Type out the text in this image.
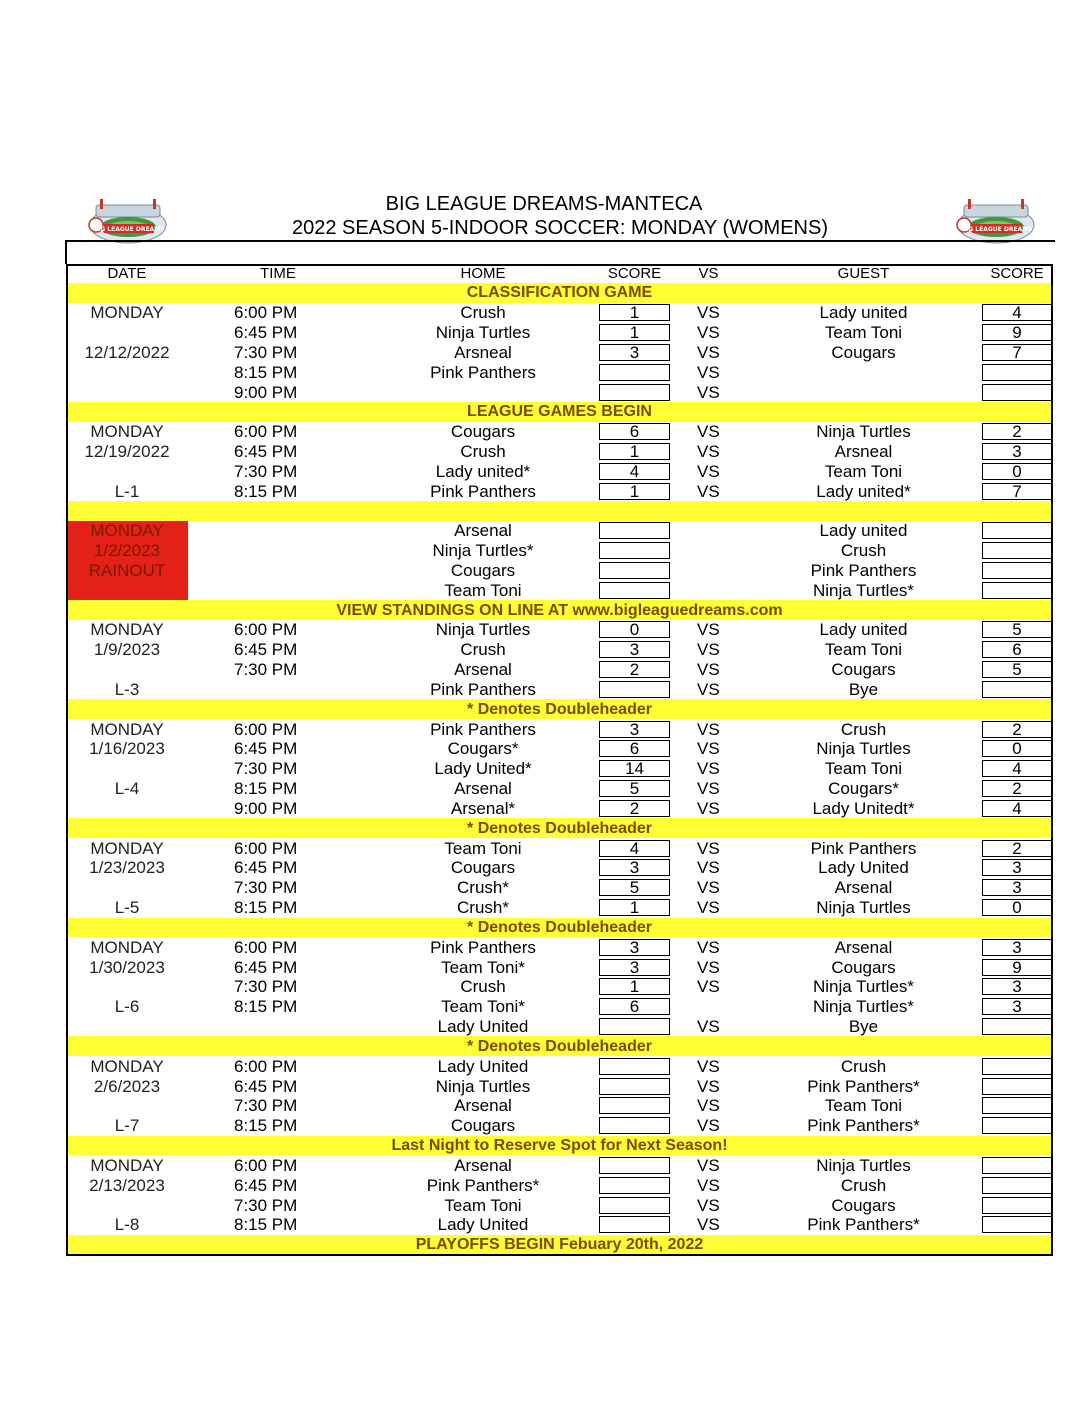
BIG LEAGUE DREAMS-MANTECA
2022 SEASON 5-INDOOR SOCCER: MONDAY (WOMENS)
BIG LEAGUE DREAMS	BIG LEAGUE DREAMS
DATE	TIME	HOME	SCORE	VS	GUEST	SCORE
CLASSIFICATION GAME						
MONDAY	6:00 PM	Crush	1	VS	Lady united	4

	6:45 PM	Ninja Turtles	1	VS	Team Toni	9

12/12/2022	7:30 PM	Arsneal	3	VS	Cougars	7

	8:15 PM	Pink Panthers		VS		

	9:00 PM			VS		

LEAGUE GAMES BEGIN						
MONDAY	6:00 PM	Cougars	6	VS	Ninja Turtles	2

12/19/2022	6:45 PM	Crush	1	VS	Arsneal	3

	7:30 PM	Lady united*	4	VS	Team Toni	0

L-1	8:15 PM	Pink Panthers	1	VS	Lady united*	7

MONDAY		Arsenal			Lady united	

1/2/2023		Ninja Turtles*			Crush	

RAINOUT		Cougars			Pink Panthers	

		Team Toni			Ninja Turtles*	

VIEW STANDINGS ON LINE AT www.bigleaguedreams.com						
MONDAY	6:00 PM	Ninja Turtles	0	VS	Lady united	5

1/9/2023	6:45 PM	Crush	3	VS	Team Toni	6

	7:30 PM	Arsenal	2	VS	Cougars	5

L-3		Pink Panthers		VS	Bye	

* Denotes Doubleheader						
MONDAY	6:00 PM	Pink Panthers	3	VS	Crush	2

1/16/2023	6:45 PM	Cougars*	6	VS	Ninja Turtles	0

	7:30 PM	Lady United*	14	VS	Team Toni	4

L-4	8:15 PM	Arsenal	5	VS	Cougars*	2

	9:00 PM	Arsenal*	2	VS	Lady Unitedt*	4

* Denotes Doubleheader						
MONDAY	6:00 PM	Team Toni	4	VS	Pink Panthers	2

1/23/2023	6:45 PM	Cougars	3	VS	Lady United	3

	7:30 PM	Crush*	5	VS	Arsenal	3

L-5	8:15 PM	Crush*	1	VS	Ninja Turtles	0

* Denotes Doubleheader						
MONDAY	6:00 PM	Pink Panthers	3	VS	Arsenal	3

1/30/2023	6:45 PM	Team Toni*	3	VS	Cougars	9

	7:30 PM	Crush	1	VS	Ninja Turtles*	3

L-6	8:15 PM	Team Toni*	6		Ninja Turtles*	3

		Lady United		VS	Bye	

* Denotes Doubleheader						
MONDAY	6:00 PM	Lady United		VS	Crush	

2/6/2023	6:45 PM	Ninja Turtles		VS	Pink Panthers*	

	7:30 PM	Arsenal		VS	Team Toni	

L-7	8:15 PM	Cougars		VS	Pink Panthers*	

Last Night to Reserve Spot for Next Season!						
MONDAY	6:00 PM	Arsenal		VS	Ninja Turtles	

2/13/2023	6:45 PM	Pink Panthers*		VS	Crush	

	7:30 PM	Team Toni		VS	Cougars	

L-8	8:15 PM	Lady United		VS	Pink Panthers*	

PLAYOFFS BEGIN Febuary 20th, 2022						
